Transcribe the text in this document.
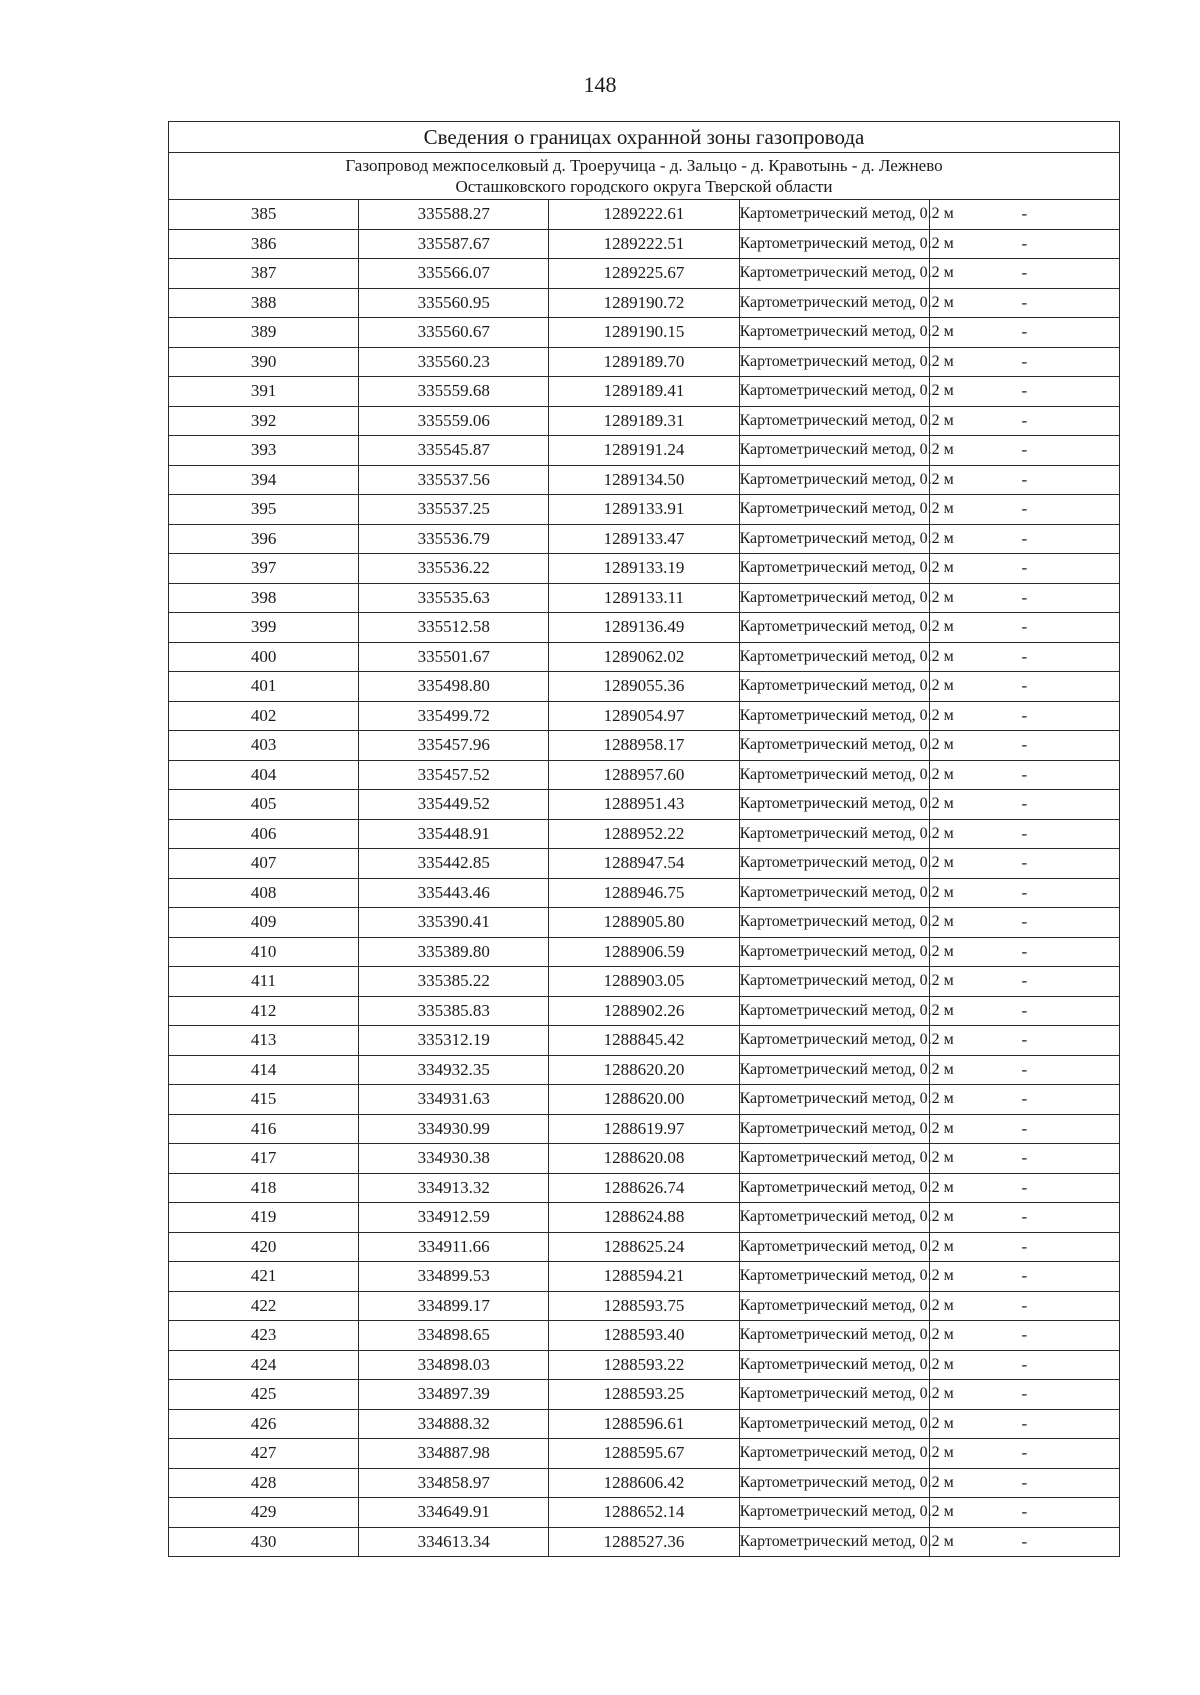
148
Сведения о границах охранной зоны газопровода				

Газопровод межпоселковый д. Троеручица - д. Зальцо - д. Кравотынь - д. Лежнево
Осташковского городского округа Тверской области				

385	335588.27	1289222.61	Картометрический метод, 0.2 м	-
386	335587.67	1289222.51	Картометрический метод, 0.2 м	-
387	335566.07	1289225.67	Картометрический метод, 0.2 м	-
388	335560.95	1289190.72	Картометрический метод, 0.2 м	-
389	335560.67	1289190.15	Картометрический метод, 0.2 м	-
390	335560.23	1289189.70	Картометрический метод, 0.2 м	-
391	335559.68	1289189.41	Картометрический метод, 0.2 м	-
392	335559.06	1289189.31	Картометрический метод, 0.2 м	-
393	335545.87	1289191.24	Картометрический метод, 0.2 м	-
394	335537.56	1289134.50	Картометрический метод, 0.2 м	-
395	335537.25	1289133.91	Картометрический метод, 0.2 м	-
396	335536.79	1289133.47	Картометрический метод, 0.2 м	-
397	335536.22	1289133.19	Картометрический метод, 0.2 м	-
398	335535.63	1289133.11	Картометрический метод, 0.2 м	-
399	335512.58	1289136.49	Картометрический метод, 0.2 м	-
400	335501.67	1289062.02	Картометрический метод, 0.2 м	-
401	335498.80	1289055.36	Картометрический метод, 0.2 м	-
402	335499.72	1289054.97	Картометрический метод, 0.2 м	-
403	335457.96	1288958.17	Картометрический метод, 0.2 м	-
404	335457.52	1288957.60	Картометрический метод, 0.2 м	-
405	335449.52	1288951.43	Картометрический метод, 0.2 м	-
406	335448.91	1288952.22	Картометрический метод, 0.2 м	-
407	335442.85	1288947.54	Картометрический метод, 0.2 м	-
408	335443.46	1288946.75	Картометрический метод, 0.2 м	-
409	335390.41	1288905.80	Картометрический метод, 0.2 м	-
410	335389.80	1288906.59	Картометрический метод, 0.2 м	-
411	335385.22	1288903.05	Картометрический метод, 0.2 м	-
412	335385.83	1288902.26	Картометрический метод, 0.2 м	-
413	335312.19	1288845.42	Картометрический метод, 0.2 м	-
414	334932.35	1288620.20	Картометрический метод, 0.2 м	-
415	334931.63	1288620.00	Картометрический метод, 0.2 м	-
416	334930.99	1288619.97	Картометрический метод, 0.2 м	-
417	334930.38	1288620.08	Картометрический метод, 0.2 м	-
418	334913.32	1288626.74	Картометрический метод, 0.2 м	-
419	334912.59	1288624.88	Картометрический метод, 0.2 м	-
420	334911.66	1288625.24	Картометрический метод, 0.2 м	-
421	334899.53	1288594.21	Картометрический метод, 0.2 м	-
422	334899.17	1288593.75	Картометрический метод, 0.2 м	-
423	334898.65	1288593.40	Картометрический метод, 0.2 м	-
424	334898.03	1288593.22	Картометрический метод, 0.2 м	-
425	334897.39	1288593.25	Картометрический метод, 0.2 м	-
426	334888.32	1288596.61	Картометрический метод, 0.2 м	-
427	334887.98	1288595.67	Картометрический метод, 0.2 м	-
428	334858.97	1288606.42	Картометрический метод, 0.2 м	-
429	334649.91	1288652.14	Картометрический метод, 0.2 м	-
430	334613.34	1288527.36	Картометрический метод, 0.2 м	-
